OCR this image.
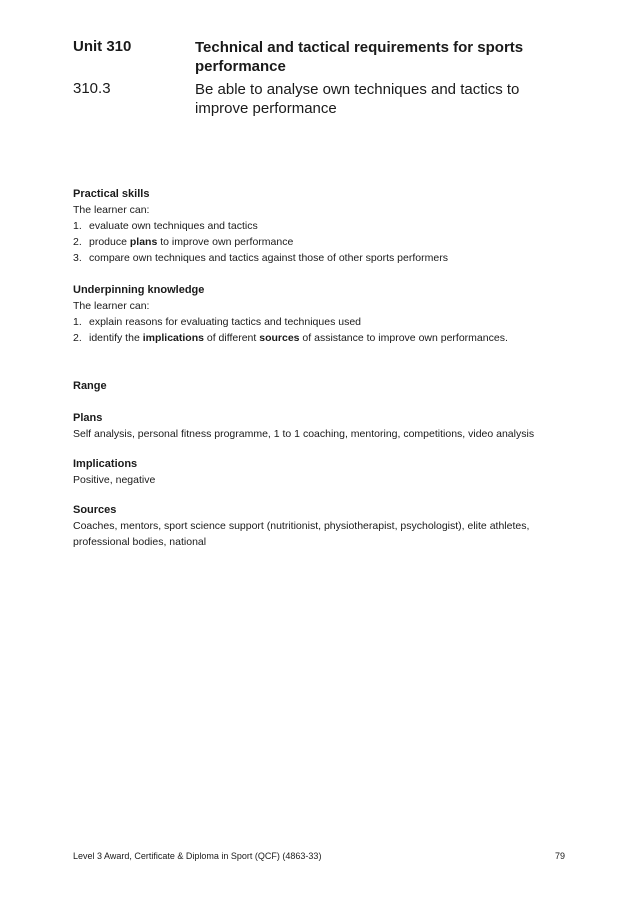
Unit 310	Technical and tactical requirements for sports performance
310.3	Be able to analyse own techniques and tactics to improve performance
Practical skills
The learner can:
1. evaluate own techniques and tactics
2. produce plans to improve own performance
3. compare own techniques and tactics against those of other sports performers
Underpinning knowledge
The learner can:
1. explain reasons for evaluating tactics and techniques used
2. identify the implications of different sources of assistance to improve own performances.
Range
Plans
Self analysis, personal fitness programme, 1 to 1 coaching, mentoring, competitions, video analysis
Implications
Positive, negative
Sources
Coaches, mentors, sport science support (nutritionist, physiotherapist, psychologist), elite athletes,
professional bodies, national
Level 3 Award, Certificate & Diploma in Sport (QCF) (4863-33)	79
